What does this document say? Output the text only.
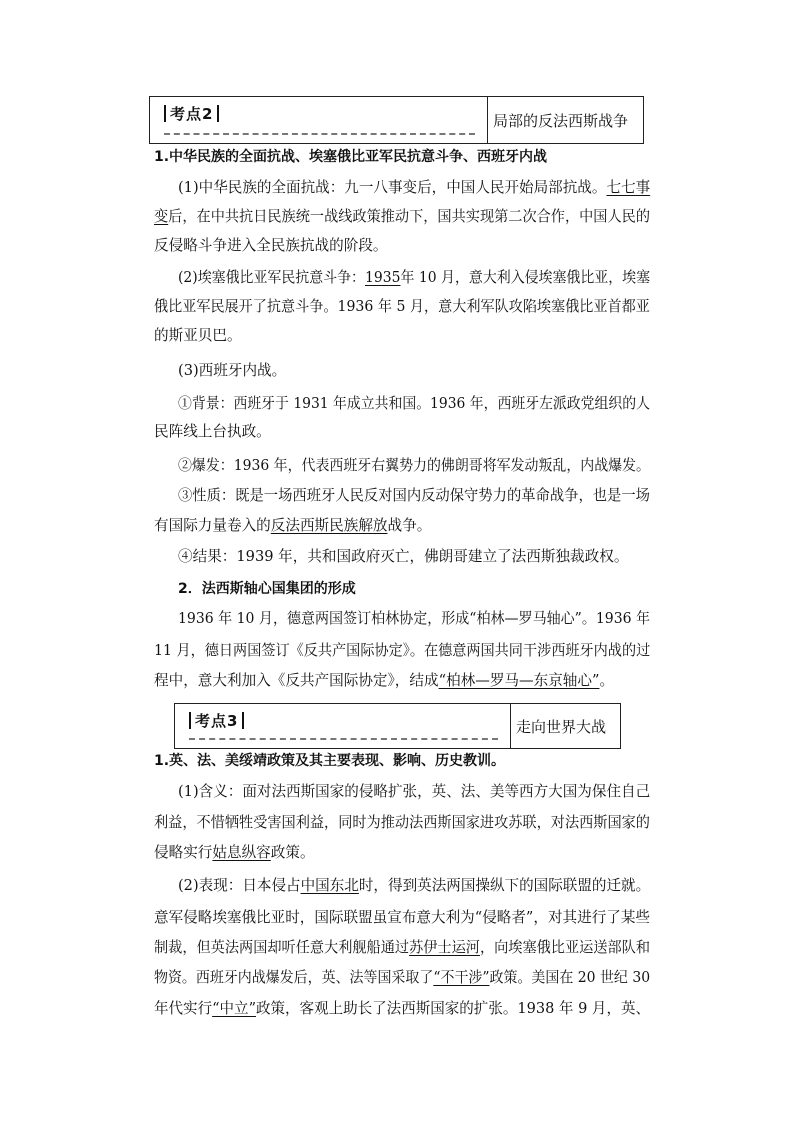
考点2	局部的反法西斯战争
1.中华民族的全面抗战、埃塞俄比亚军民抗意斗争、西班牙内战
(1)中华民族的全面抗战：九一八事变后，中国人民开始局部抗战。七七事
变后，在中共抗日民族统一战线政策推动下，国共实现第二次合作，中国人民的
反侵略斗争进入全民族抗战的阶段。
(2)埃塞俄比亚军民抗意斗争：1935年 10 月，意大利入侵埃塞俄比亚，埃塞
俄比亚军民展开了抗意斗争。1936 年 5 月，意大利军队攻陷埃塞俄比亚首都亚
的斯亚贝巴。
(3)西班牙内战。
①背景：西班牙于 1931 年成立共和国。1936 年，西班牙左派政党组织的人
民阵线上台执政。
②爆发：1936 年，代表西班牙右翼势力的佛朗哥将军发动叛乱，内战爆发。
③性质：既是一场西班牙人民反对国内反动保守势力的革命战争，也是一场
有国际力量卷入的反法西斯民族解放战争。
④结果：1939 年，共和国政府灭亡，佛朗哥建立了法西斯独裁政权。
2．法西斯轴心国集团的形成
1936 年 10 月，德意两国签订柏林协定，形成“柏林—罗马轴心”。1936 年
11 月，德日两国签订《反共产国际协定》。在德意两国共同干涉西班牙内战的过
程中，意大利加入《反共产国际协定》，结成“柏林—罗马—东京轴心”。
考点3	走向世界大战
1.英、法、美绥靖政策及其主要表现、影响、历史教训。
(1)含义：面对法西斯国家的侵略扩张，英、法、美等西方大国为保住自己
利益，不惜牺牲受害国利益，同时为推动法西斯国家进攻苏联，对法西斯国家的
侵略实行姑息纵容政策。
(2)表现：日本侵占中国东北时，得到英法两国操纵下的国际联盟的迁就。
意军侵略埃塞俄比亚时，国际联盟虽宣布意大利为“侵略者”，对其进行了某些
制裁，但英法两国却听任意大利舰船通过苏伊士运河，向埃塞俄比亚运送部队和
物资。西班牙内战爆发后，英、法等国采取了“不干涉”政策。美国在 20 世纪 30
年代实行“中立”政策，客观上助长了法西斯国家的扩张。1938 年 9 月，英、
